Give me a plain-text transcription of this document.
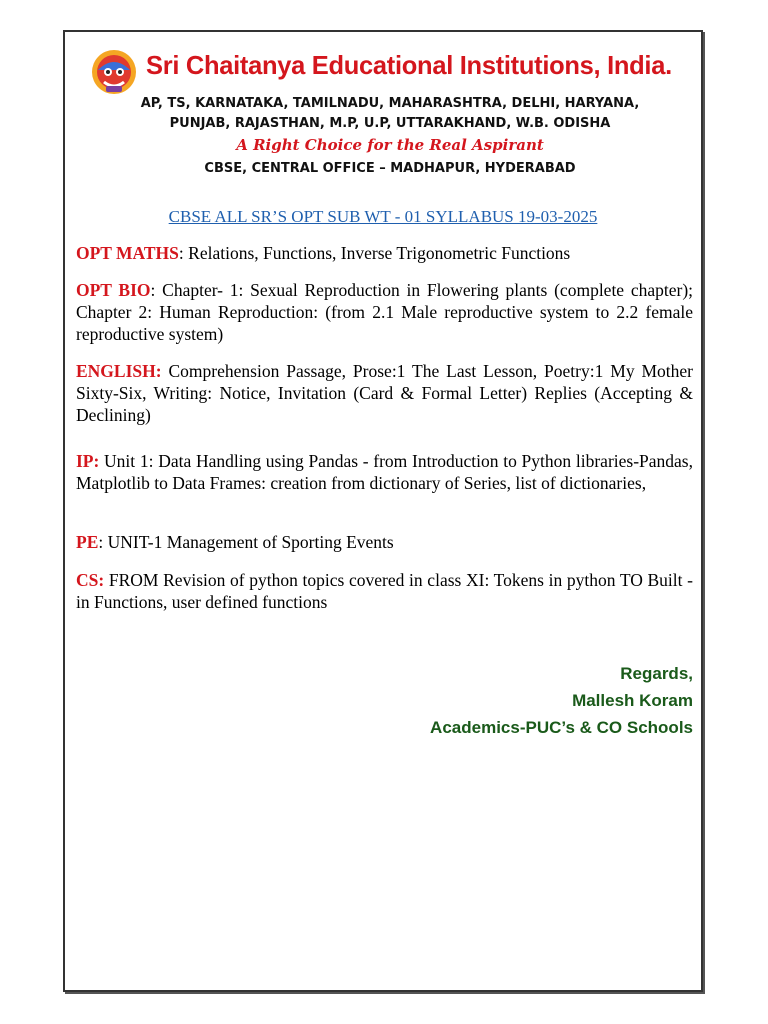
Sri Chaitanya Educational Institutions, India.
AP, TS, KARNATAKA, TAMILNADU, MAHARASHTRA, DELHI, HARYANA,
PUNJAB, RAJASTHAN, M.P, U.P, UTTARAKHAND, W.B. ODISHA
A Right Choice for the Real Aspirant
CBSE, CENTRAL OFFICE – MADHAPUR, HYDERABAD
CBSE ALL SR’S OPT SUB WT - 01 SYLLABUS 19-03-2025

OPT MATHS: Relations, Functions, Inverse Trigonometric Functions

OPT BIO: Chapter- 1: Sexual Reproduction in Flowering plants (complete chapter); Chapter 2: Human Reproduction: (from 2.1 Male reproductive system to 2.2 female reproductive system)

ENGLISH: Comprehension Passage, Prose:1 The Last Lesson, Poetry:1 My Mother Sixty-Six, Writing: Notice, Invitation (Card & Formal Letter) Replies (Accepting & Declining)

IP: Unit 1: Data Handling using Pandas - from Introduction to Python libraries-Pandas, Matplotlib to Data Frames: creation from dictionary of Series, list of dictionaries,

PE: UNIT-1 Management of Sporting Events

CS: FROM Revision of python topics covered in class XI: Tokens in python TO Built -in Functions, user defined functions

Regards,
Mallesh Koram
Academics-PUC’s & CO Schools
